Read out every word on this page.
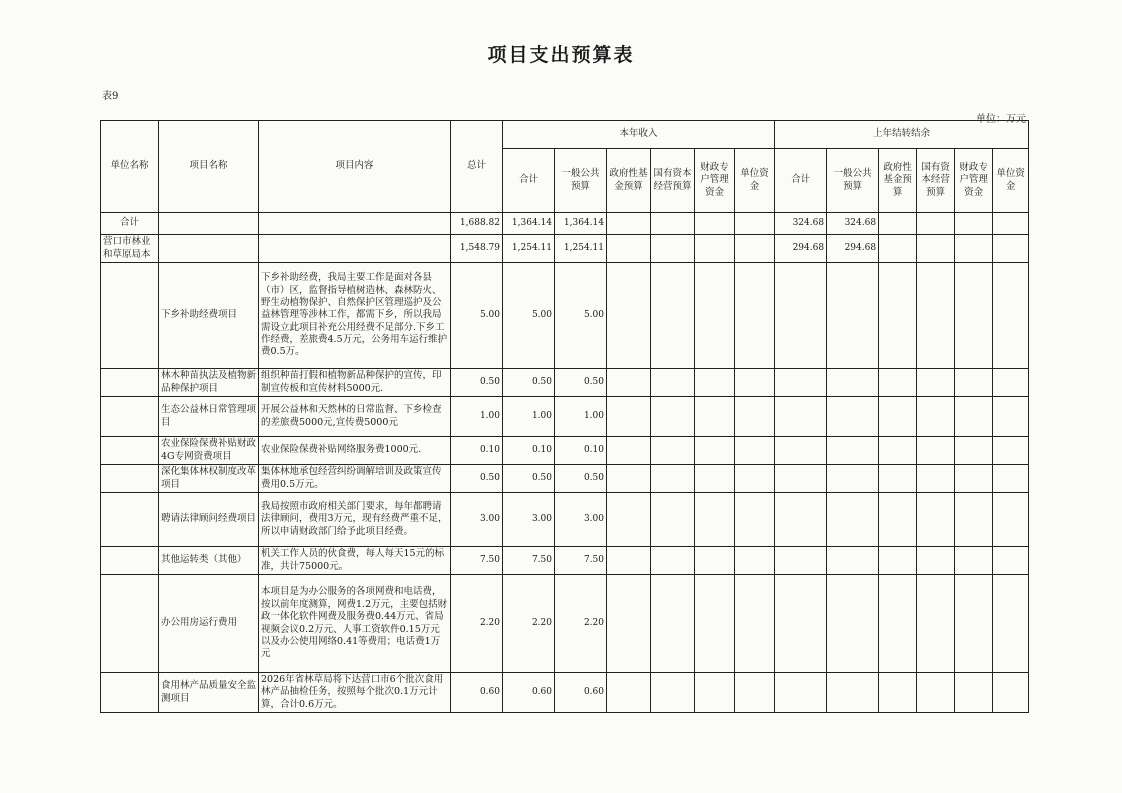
项目支出预算表
表9
单位：万元
单位名称	项目名称	项目内容	总计	本年收入						上年结转结余					
				合计	一般公共预算	政府性基金预算	国有资本经营预算	财政专户管理资金	单位资金	合计	一般公共预算	政府性基金预算	国有资本经营预算	财政专户管理资金	单位资金
合计			1,688.82	1,364.14	1,364.14					324.68	324.68				
营口市林业和草原局本			1,548.79	1,254.11	1,254.11					294.68	294.68				
	下乡补助经费项目	下乡补助经费，我局主要工作是面对各县（市）区，监督指导植树造林、森林防火、野生动植物保护、自然保护区管理巡护及公益林管理等涉林工作，都需下乡，所以我局需设立此项目补充公用经费不足部分.下乡工作经费，差旅费4.5万元，公务用车运行维护费0.5万。	5.00	5.00	5.00										
	林木种苗执法及植物新品种保护项目	组织种苗打假和植物新品种保护的宣传，印制宣传板和宣传材料5000元.	0.50	0.50	0.50										
	生态公益林日常管理项目	开展公益林和天然林的日常监督、下乡检查的差旅费5000元,宣传费5000元	1.00	1.00	1.00										
	农业保险保费补贴财政4G专网资费项目	农业保险保费补贴网络服务费1000元.	0.10	0.10	0.10										
	深化集体林权制度改革项目	集体林地承包经营纠纷调解培训及政策宣传费用0.5万元。	0.50	0.50	0.50										
	聘请法律顾问经费项目	我局按照市政府相关部门要求，每年都聘请法律顾问，费用3万元，现有经费严重不足，所以申请财政部门给予此项目经费。	3.00	3.00	3.00										
	其他运转类（其他）	机关工作人员的伙食费，每人每天15元的标准，共计75000元。	7.50	7.50	7.50										
	办公用房运行费用	本项目是为办公服务的各项网费和电话费，按以前年度测算，网费1.2万元，主要包括财政一体化软件网费及服务费0.44万元、省局视频会议0.2万元、人事工资软件0.15万元以及办公使用网络0.41等费用；电话费1万元	2.20	2.20	2.20										
	食用林产品质量安全监测项目	2026年省林草局将下达营口市6个批次食用林产品抽检任务，按照每个批次0.1万元计算，合计0.6万元。	0.60	0.60	0.60										
